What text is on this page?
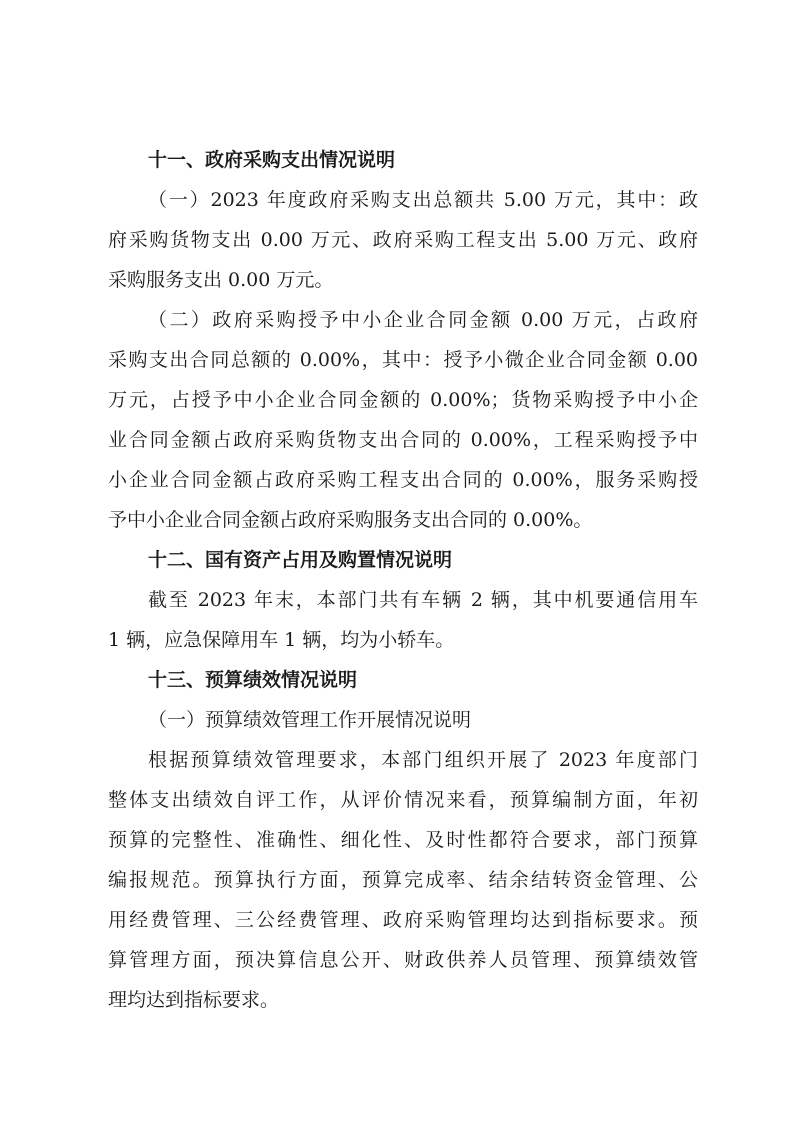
十一、政府采购支出情况说明

（一）2023 年度政府采购支出总额共 5.00 万元，其中：政
府采购货物支出 0.00 万元、政府采购工程支出 5.00 万元、政府
采购服务支出 0.00 万元。

（二）政府采购授予中小企业合同金额 0.00 万元，占政府
采购支出合同总额的 0.00%，其中：授予小微企业合同金额 0.00
万元，占授予中小企业合同金额的 0.00%；货物采购授予中小企
业合同金额占政府采购货物支出合同的 0.00%，工程采购授予中
小企业合同金额占政府采购工程支出合同的 0.00%，服务采购授
予中小企业合同金额占政府采购服务支出合同的 0.00%。

十二、国有资产占用及购置情况说明

截至 2023 年末，本部门共有车辆 2 辆，其中机要通信用车
1 辆，应急保障用车 1 辆，均为小轿车。

十三、预算绩效情况说明

（一）预算绩效管理工作开展情况说明

根据预算绩效管理要求，本部门组织开展了 2023 年度部门
整体支出绩效自评工作，从评价情况来看，预算编制方面，年初
预算的完整性、准确性、细化性、及时性都符合要求，部门预算
编报规范。预算执行方面，预算完成率、结余结转资金管理、公
用经费管理、三公经费管理、政府采购管理均达到指标要求。预
算管理方面，预决算信息公开、财政供养人员管理、预算绩效管
理均达到指标要求。
